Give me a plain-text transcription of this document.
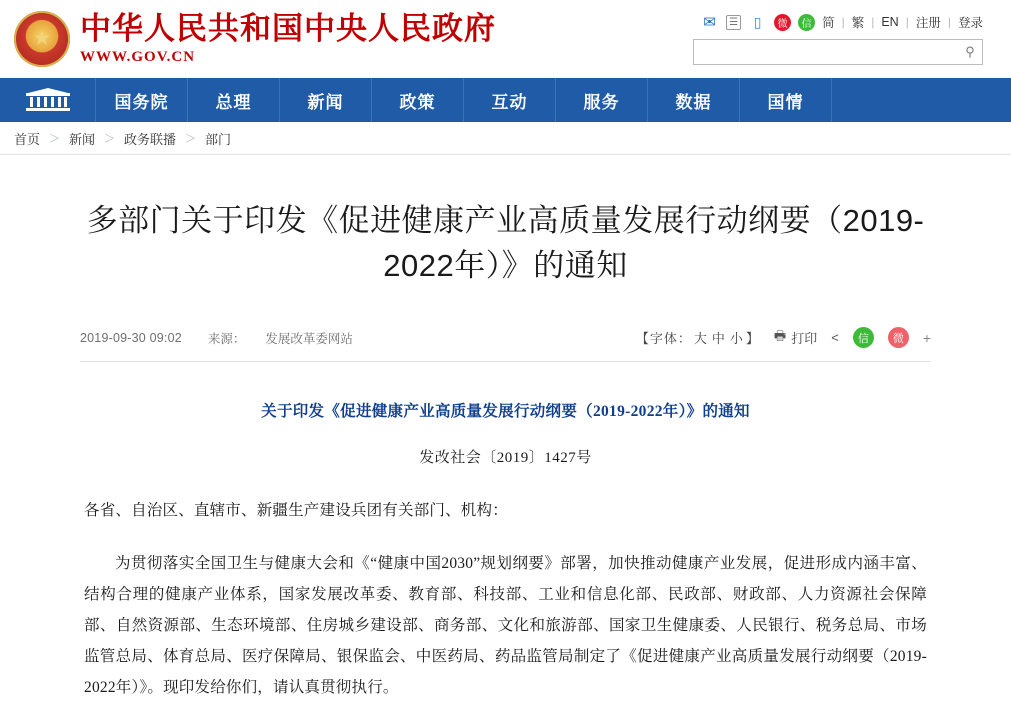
★
中华人民共和国中央人民政府
WWW.GOV.CN
✉	☰	▯	微	信 简 | 繁 | EN | 注册 | 登录
⚲
国务院	总理	新闻	政策	互动	服务	数据	国情
首页 ＞ 新闻 ＞ 政务联播 ＞ 部门
多部门关于印发《促进健康产业高质量发展行动纲要（2019-2022年）》的通知
2019-09-30 09:02 来源： 发展改革委网站	【字体： 大 中 小 】 🖶 打印 <	信	微	+
关于印发《促进健康产业高质量发展行动纲要（2019-2022年）》的通知
发改社会〔2019〕1427号

各省、自治区、直辖市、新疆生产建设兵团有关部门、机构：

为贯彻落实全国卫生与健康大会和《“健康中国2030”规划纲要》部署，加快推动健康产业发展，促进形成内涵丰富、结构合理的健康产业体系，国家发展改革委、教育部、科技部、工业和信息化部、民政部、财政部、人力资源社会保障部、自然资源部、生态环境部、住房城乡建设部、商务部、文化和旅游部、国家卫生健康委、人民银行、税务总局、市场监管总局、体育总局、医疗保障局、银保监会、中医药局、药品监管局制定了《促进健康产业高质量发展行动纲要（2019-2022年）》。现印发给你们，请认真贯彻执行。
